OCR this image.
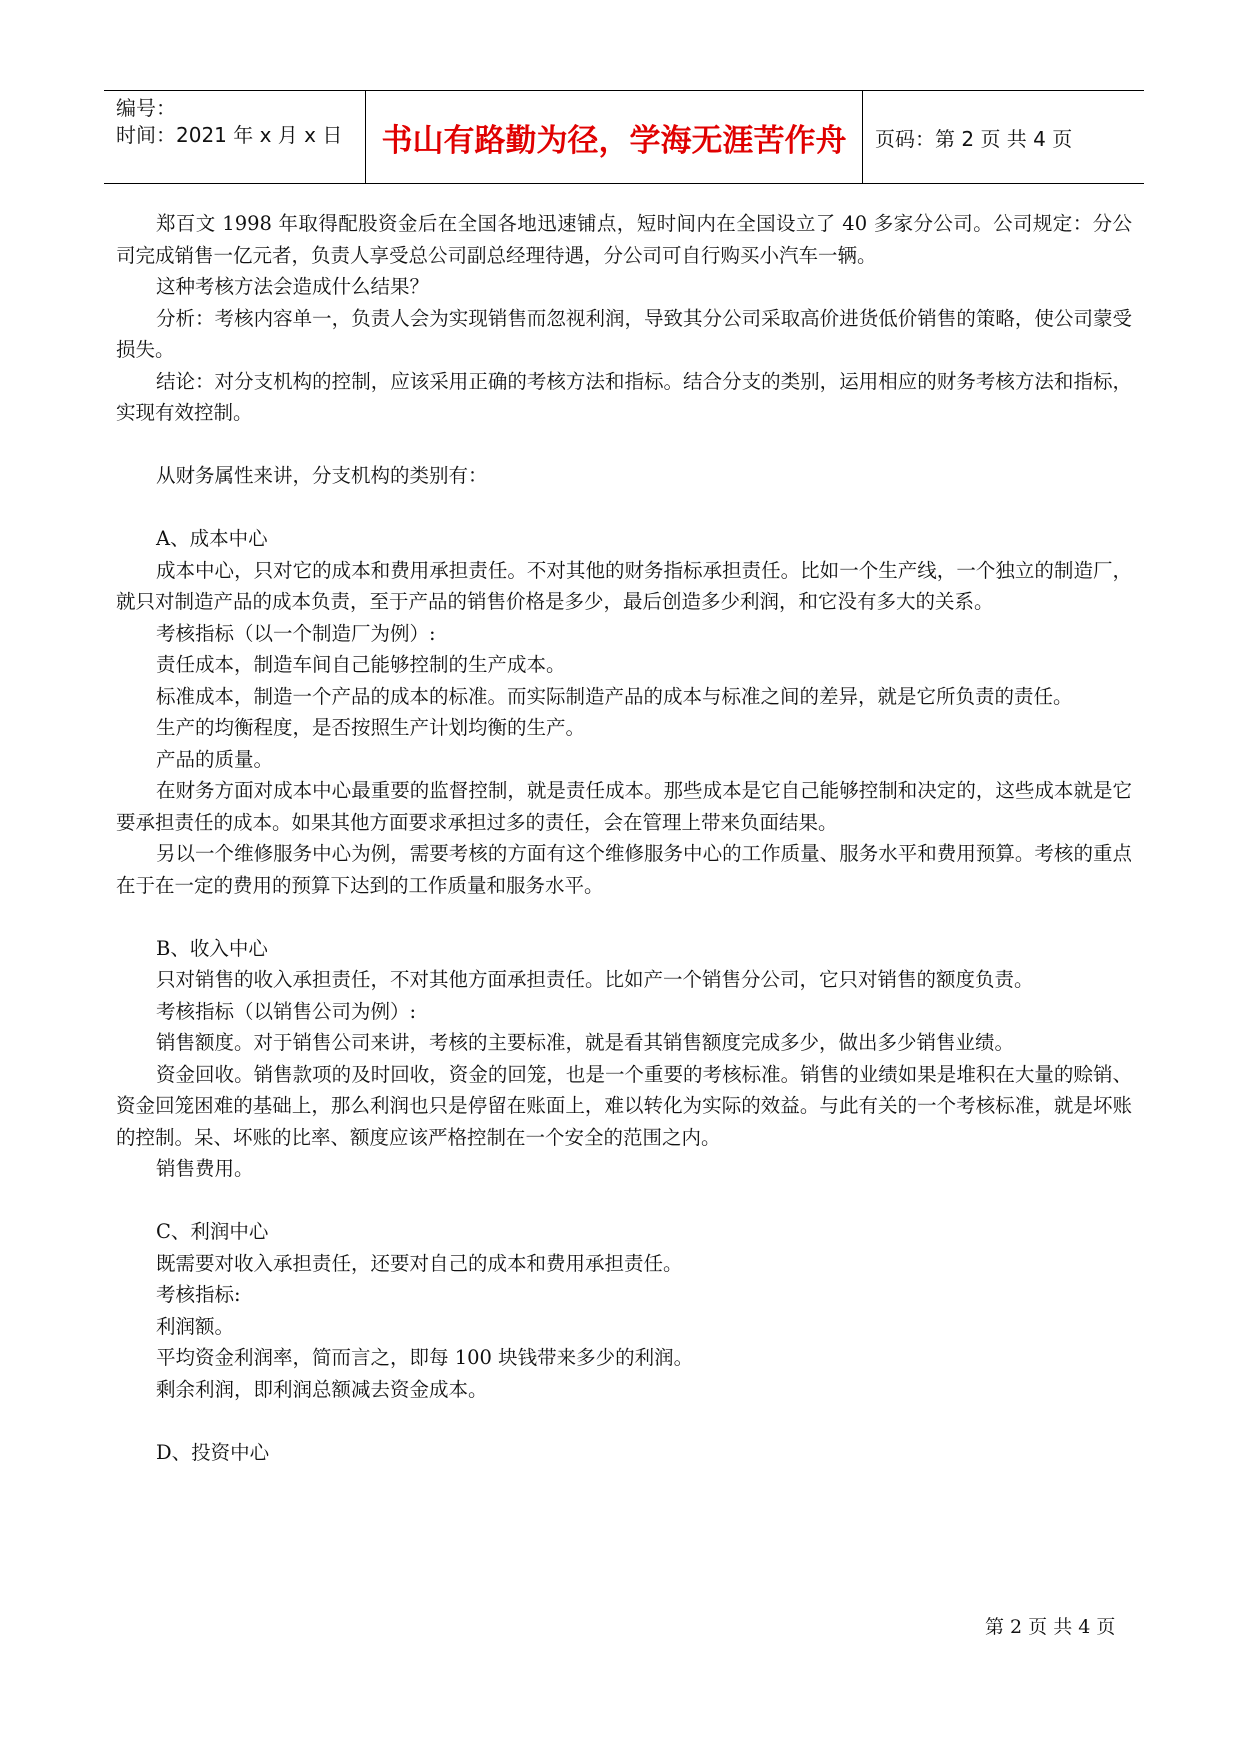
编号：
时间：2021 年 x 月 x 日	书山有路勤为径，学海无涯苦作舟 页码：第 2 页 共 4 页

郑百文 1998 年取得配股资金后在全国各地迅速铺点，短时间内在全国设立了 40 多家分公司。公司规定：分公司完成销售一亿元者，负责人享受总公司副总经理待遇，分公司可自行购买小汽车一辆。

这种考核方法会造成什么结果？

分析：考核内容单一，负责人会为实现销售而忽视利润，导致其分公司采取高价进货低价销售的策略，使公司蒙受损失。

结论：对分支机构的控制，应该采用正确的考核方法和指标。结合分支的类别，运用相应的财务考核方法和指标，实现有效控制。

从财务属性来讲，分支机构的类别有：

A、成本中心

成本中心，只对它的成本和费用承担责任。不对其他的财务指标承担责任。比如一个生产线，一个独立的制造厂，就只对制造产品的成本负责，至于产品的销售价格是多少，最后创造多少利润，和它没有多大的关系。

考核指标（以一个制造厂为例）:

责任成本，制造车间自己能够控制的生产成本。

标准成本，制造一个产品的成本的标准。而实际制造产品的成本与标准之间的差异，就是它所负责的责任。

生产的均衡程度，是否按照生产计划均衡的生产。

产品的质量。

在财务方面对成本中心最重要的监督控制，就是责任成本。那些成本是它自己能够控制和决定的，这些成本就是它要承担责任的成本。如果其他方面要求承担过多的责任，会在管理上带来负面结果。

另以一个维修服务中心为例，需要考核的方面有这个维修服务中心的工作质量、服务水平和费用预算。考核的重点在于在一定的费用的预算下达到的工作质量和服务水平。

B、收入中心

只对销售的收入承担责任，不对其他方面承担责任。比如产一个销售分公司，它只对销售的额度负责。

考核指标（以销售公司为例）:

销售额度。对于销售公司来讲，考核的主要标准，就是看其销售额度完成多少，做出多少销售业绩。

资金回收。销售款项的及时回收，资金的回笼，也是一个重要的考核标准。销售的业绩如果是堆积在大量的赊销、资金回笼困难的基础上，那么利润也只是停留在账面上，难以转化为实际的效益。与此有关的一个考核标准，就是坏账的控制。呆、坏账的比率、额度应该严格控制在一个安全的范围之内。

销售费用。

C、利润中心

既需要对收入承担责任，还要对自己的成本和费用承担责任。

考核指标:

利润额。

平均资金利润率，简而言之，即每 100 块钱带来多少的利润。

剩余利润，即利润总额减去资金成本。

D、投资中心

第 2 页 共 4 页
